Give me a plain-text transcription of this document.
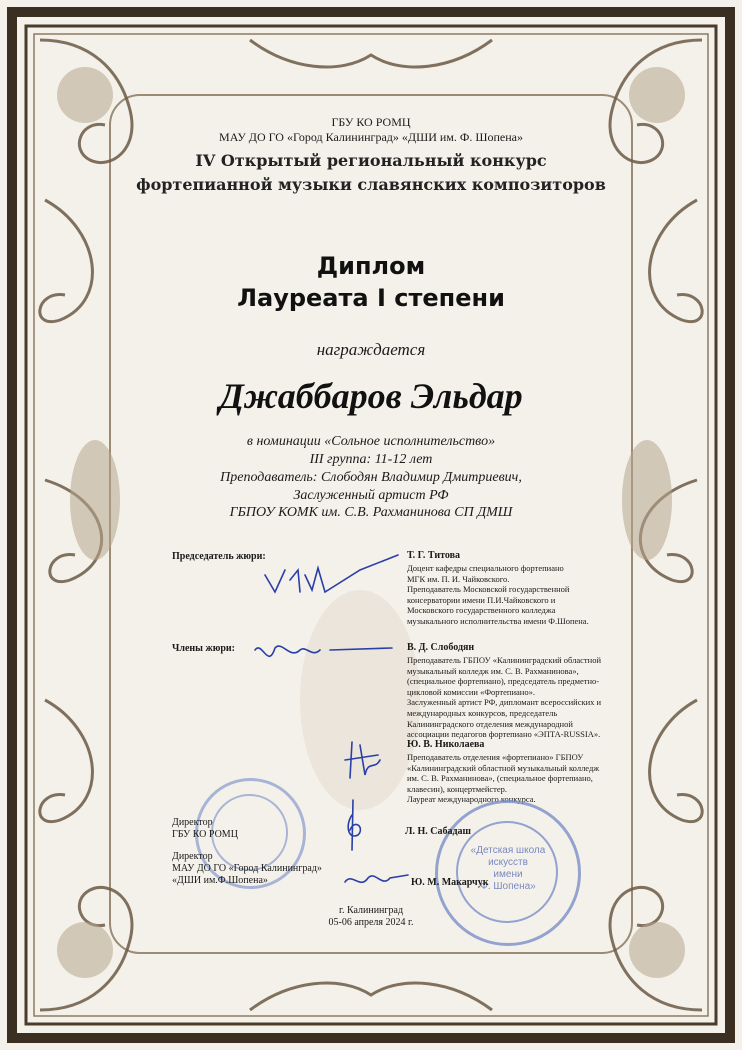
ГБУ КО РОМЦ
МАУ ДО ГО «Город Калининград» «ДШИ им. Ф. Шопена»
IV Открытый региональный конкурс
фортепианной музыки славянских композиторов
Диплом
Лауреата I степени
награждается
Джаббаров Эльдар
в номинации «Сольное исполнительство»
III группа: 11-12 лет
Преподаватель: Слободян Владимир Дмитриевич,
Заслуженный артист РФ
ГБПОУ КОМК им. С.В. Рахманинова СП ДМШ
Председатель жюри:
Члены жюри:
Т. Г. Титова
Доцент кафедры специального фортепиано
МГК им. П. И. Чайковского.
Преподаватель Московской государственной
консерватории имени П.И.Чайковского и
Московского государственного колледжа
музыкального исполнительства имени Ф.Шопена.
В. Д. Слободян
Преподаватель ГБПОУ «Калининградский областной
музыкальный колледж им. С. В. Рахманинова»,
(специальное фортепиано), председатель предметно-
цикловой комиссии «Фортепиано».
Заслуженный артист РФ, дипломант всероссийских и
международных конкурсов, председатель
Калининградского отделения международной
ассоциации педагогов фортепиано «ЭПТА-RUSSIA».
Ю. В. Николаева
Преподаватель отделения «фортепиано» ГБПОУ
«Калининградский областной музыкальный колледж
им. С. В. Рахманинова», (специальное фортепиано,
клавесин), концертмейстер.
Лауреат международного конкурса.
«Детская школа
искусств
имени
Ф. Шопена»
Директор
ГБУ КО РОМЦ	Л. Н. Сабадаш
Директор
МАУ ДО ГО «Город Калининград»
«ДШИ им.Ф.Шопена»	Ю. М. Макарчук
г. Калининград
05-06 апреля 2024 г.
